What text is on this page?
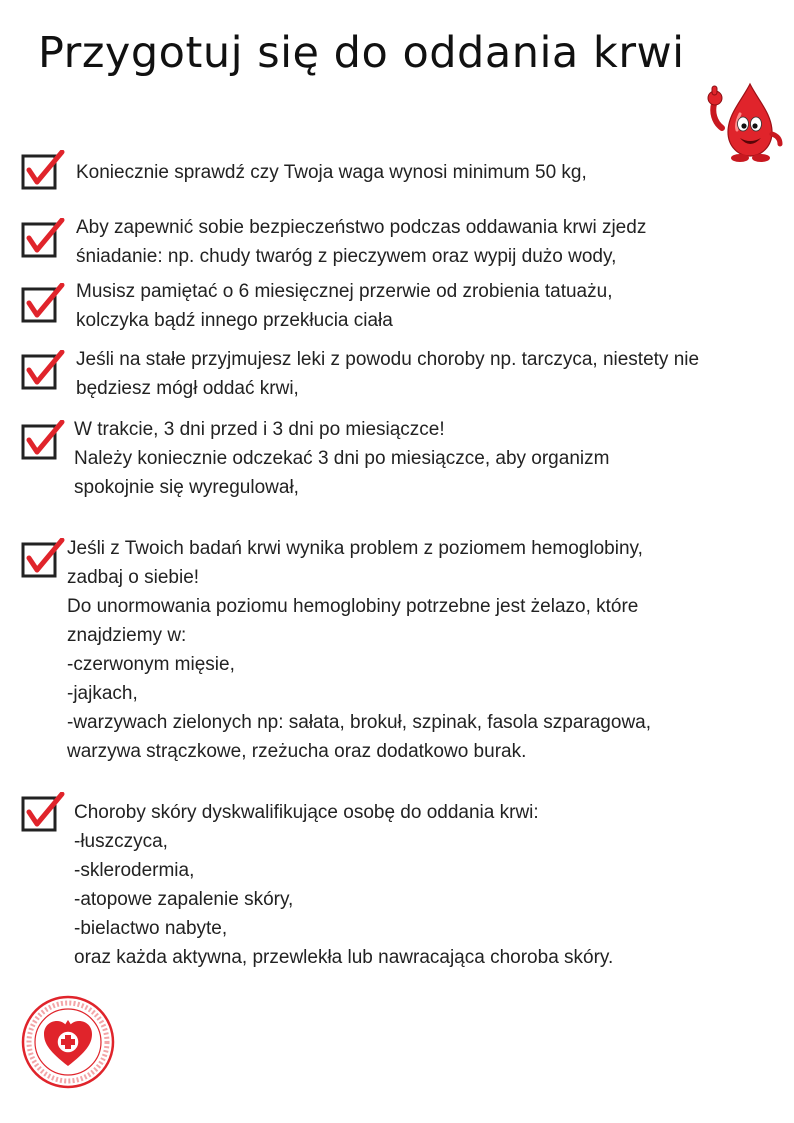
Przygotuj się do oddania krwi
Koniecznie sprawdź czy Twoja waga wynosi minimum 50 kg,
Aby zapewnić sobie bezpieczeństwo podczas oddawania krwi zjedz
śniadanie: np. chudy twaróg z pieczywem oraz wypij dużo wody,
Musisz pamiętać o 6 miesięcznej przerwie od zrobienia tatuażu,
kolczyka bądź innego przekłucia ciała
Jeśli na stałe przyjmujesz leki z powodu choroby np. tarczyca, niestety nie
będziesz mógł oddać krwi,
W trakcie, 3 dni przed i 3 dni po miesiączce!
Należy koniecznie odczekać 3 dni po miesiączce, aby organizm
spokojnie się wyregulował,
Jeśli z Twoich badań krwi wynika problem z poziomem hemoglobiny,
zadbaj o siebie!
Do unormowania poziomu hemoglobiny potrzebne jest żelazo, które
znajdziemy w:
-czerwonym mięsie,
-jajkach,
-warzywach zielonych np: sałata, brokuł, szpinak, fasola szparagowa,
warzywa strączkowe, rzeżucha oraz dodatkowo burak.
Choroby skóry dyskwalifikujące osobę do oddania krwi:
-łuszczyca,
-sklerodermia,
-atopowe zapalenie skóry,
-bielactwo nabyte,
oraz każda aktywna, przewlekła lub nawracająca choroba skóry.
